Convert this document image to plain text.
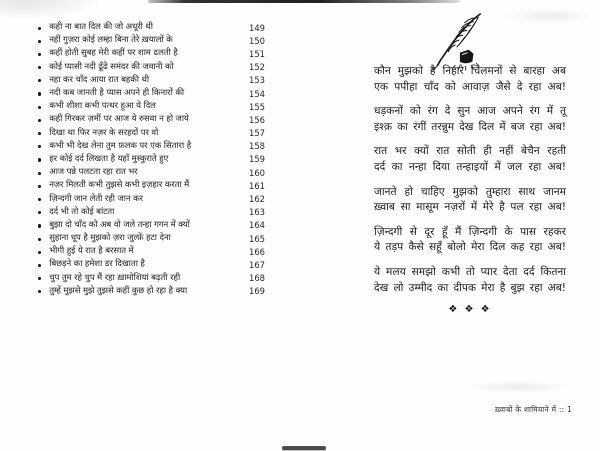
कही ना बात दिल की जो अधूरी थी	149
नहीं गुज़रा कोई लम्हा बिना तेरे ख़यालों के	150
कहीं होती सुबह मेरी कहीं पर शाम ढलती है	151
कोई प्यासी नदी ढूँढे समंदर की जवानी को	152
नहा कर चाँद आया रात बहकी थी	153
नदी कब जानती है प्यास अपने ही किनारों की	154
कभी शीशा कभी पत्थर हुआ ये दिल	155
कहीं गिरकर ज़मीं पर आज ये रुसवा न हो जाये	156
दिखा था फिर नज़र के सरहदों पर वो	157
कभी भी देख लेना तुम फ़लक पर एक सितारा है	158
हर कोई दर्द लिखता है यहाँ मुस्कुराते हुए	159
आज पन्ने पलटता रहा रात भर	160
नज़र मिलती कभी तुझसे कभी इज़हार करता मैं	161
ज़िन्दगी जान लेती रही जान कर	162
दर्द भी तो कोई बांटता	163
बुझा दो चाँद को अब वो जले तन्हा गगन में क्यों	164
सुहाना धूप है मुझको ज़रा जुल्फ़ें हटा देना	165
भीगी हुई ये रात है बरसात में	166
बिछड़ने का हमेशा डर दिखाता है	167
चुप तुम रहे चुप मैं रहा ख़ामोशियां बढ़ती रही	168
तुम्हें मुझसे मुझे तुझसे कहीं कुछ हो रहा है क्या	169
कौन मुझको है निहारे चिलमनों से बारहा अब
एक पपीहा चाँद को आवाज़ जैसे दे रहा अब!
धड़कनों को रंग दे सुन आज अपने रंग में तू
इश्क़ का रंगीं तरन्नुम देख दिल में बज रहा अब!
रात भर क्यों रात सोती ही नहीं बेचैन रहती
दर्द का नन्हा दिया तन्हाइयों में जल रहा अब!
जानते हो चाहिए मुझको तुम्हारा साथ जानम
ख़्वाब सा मासूम नज़रों में मेरे है पल रहा अब!
ज़िन्दगी से दूर हूँ मैं ज़िन्दगी के पास रहकर
ये तड़प कैसे सहूँ बोलो मेरा दिल कह रहा अब!
ये मलय समझो कभी तो प्यार देता दर्द कितना
देख लो उम्मीद का दीपक मेरा है बुझ रहा अब!
❖ ❖ ❖
ख़्वाबों के शामियाने में :: 1
